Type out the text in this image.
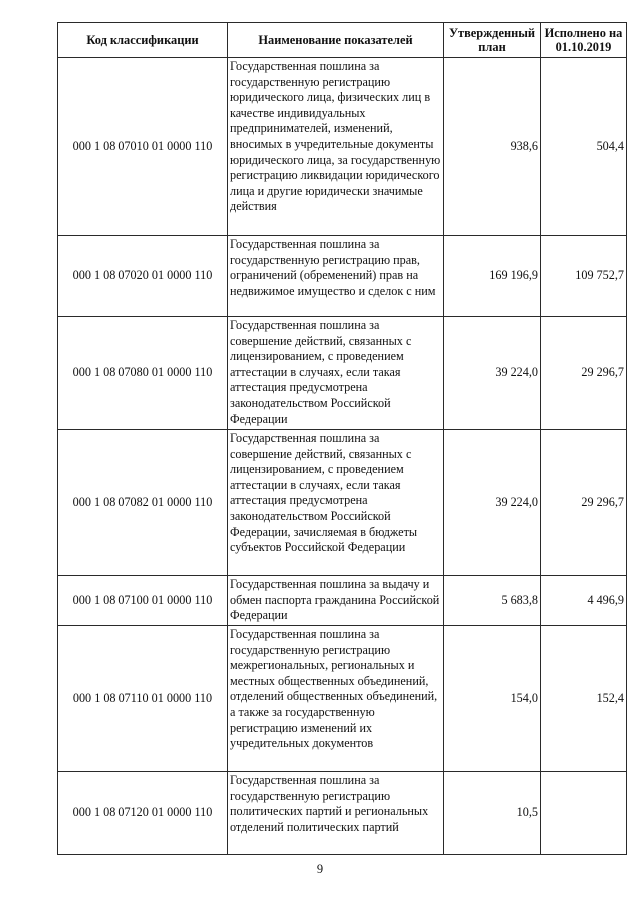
Код классификации	Наименование показателей	Утвержденный план	Исполнено на 01.10.2019
000 1 08 07010 01 0000 110	Государственная пошлина за государственную регистрацию юридического лица, физических лиц в качестве индивидуальных предпринимателей, изменений, вносимых в учредительные документы юридического лица, за государственную регистрацию ликвидации юридического лица и другие юридически значимые действия	938,6	504,4
000 1 08 07020 01 0000 110	Государственная пошлина за государственную регистрацию прав, ограничений (обременений) прав на недвижимое имущество и сделок с ним	169 196,9	109 752,7
000 1 08 07080 01 0000 110	Государственная пошлина за совершение действий, связанных с лицензированием, с проведением аттестации в случаях, если такая аттестация предусмотрена законодательством Российской Федерации	39 224,0	29 296,7
000 1 08 07082 01 0000 110	Государственная пошлина за совершение действий, связанных с лицензированием, с проведением аттестации в случаях, если такая аттестация предусмотрена законодательством Российской Федерации, зачисляемая в бюджеты субъектов Российской Федерации	39 224,0	29 296,7
000 1 08 07100 01 0000 110	Государственная пошлина за выдачу и обмен паспорта гражданина Российской Федерации	5 683,8	4 496,9
000 1 08 07110 01 0000 110	Государственная пошлина за государственную регистрацию межрегиональных, региональных и местных общественных объединений, отделений общественных объединений, а также за государственную регистрацию изменений их учредительных документов	154,0	152,4
000 1 08 07120 01 0000 110	Государственная пошлина за государственную регистрацию политических партий и региональных отделений политических партий	10,5	
9
